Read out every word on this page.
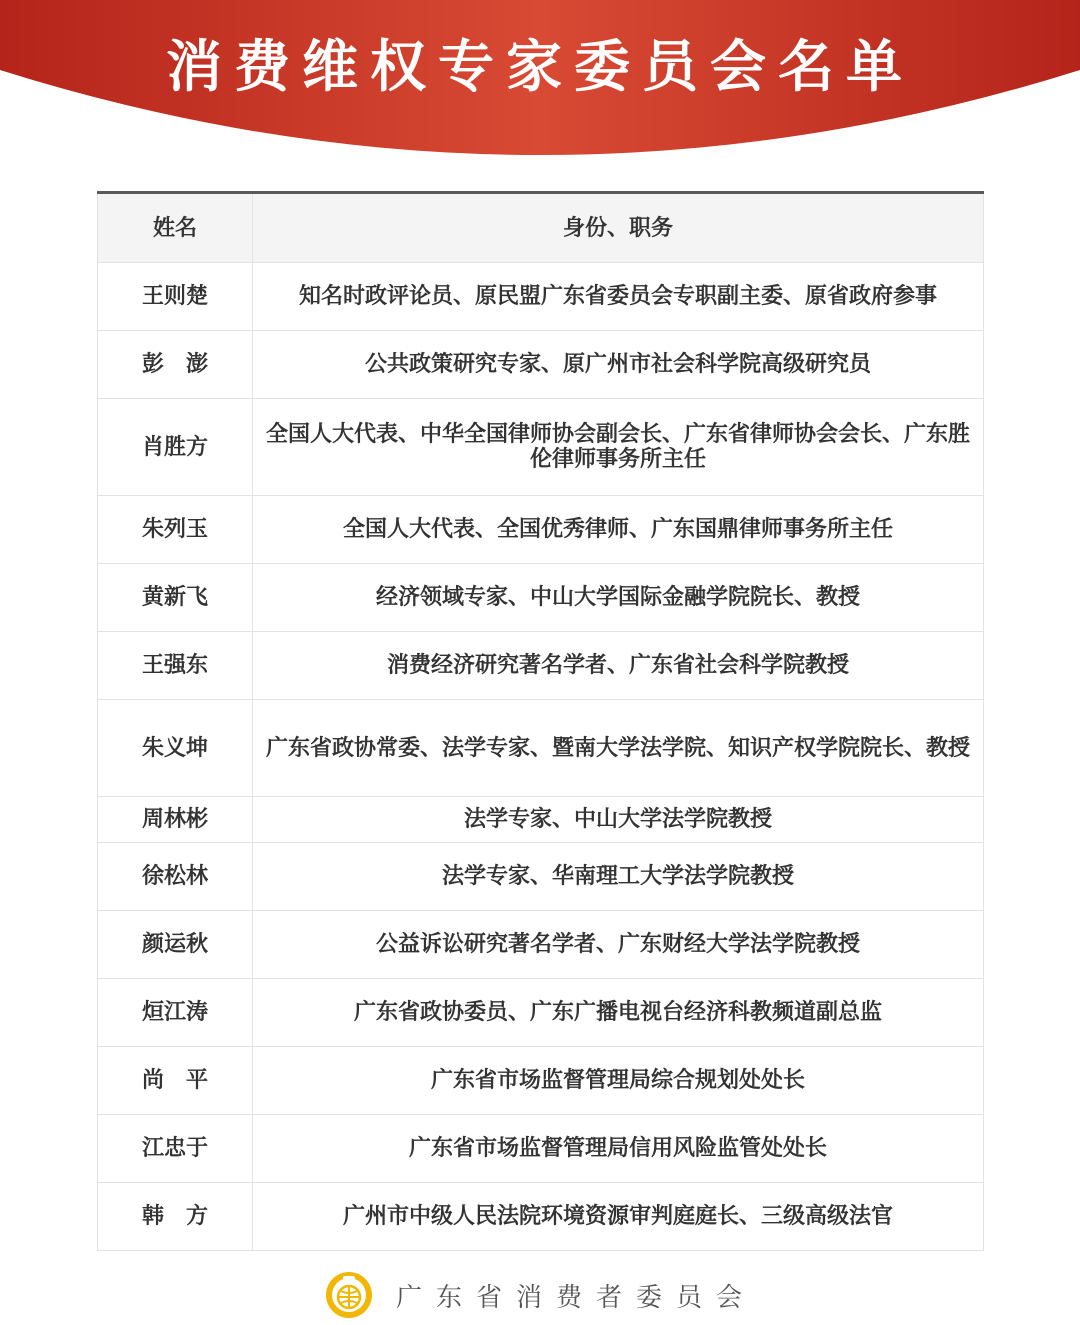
消费维权专家委员会名单
姓名	身份、职务
王则楚	知名时政评论员、原民盟广东省委员会专职副主委、原省政府参事
彭　澎	公共政策研究专家、原广州市社会科学院高级研究员
肖胜方	全国人大代表、中华全国律师协会副会长、广东省律师协会会长、广东胜伦律师事务所主任
朱列玉	全国人大代表、全国优秀律师、广东国鼎律师事务所主任
黄新飞	经济领域专家、中山大学国际金融学院院长、教授
王强东	消费经济研究著名学者、广东省社会科学院教授
朱义坤	广东省政协常委、法学专家、暨南大学法学院、知识产权学院院长、教授
周林彬	法学专家、中山大学法学院教授
徐松林	法学专家、华南理工大学法学院教授
颜运秋	公益诉讼研究著名学者、广东财经大学法学院教授
烜江涛	广东省政协委员、广东广播电视台经济科教频道副总监
尚　平	广东省市场监督管理局综合规划处处长
江忠于	广东省市场监督管理局信用风险监管处处长
韩　方	广州市中级人民法院环境资源审判庭庭长、三级高级法官
广东省消费者委员会
